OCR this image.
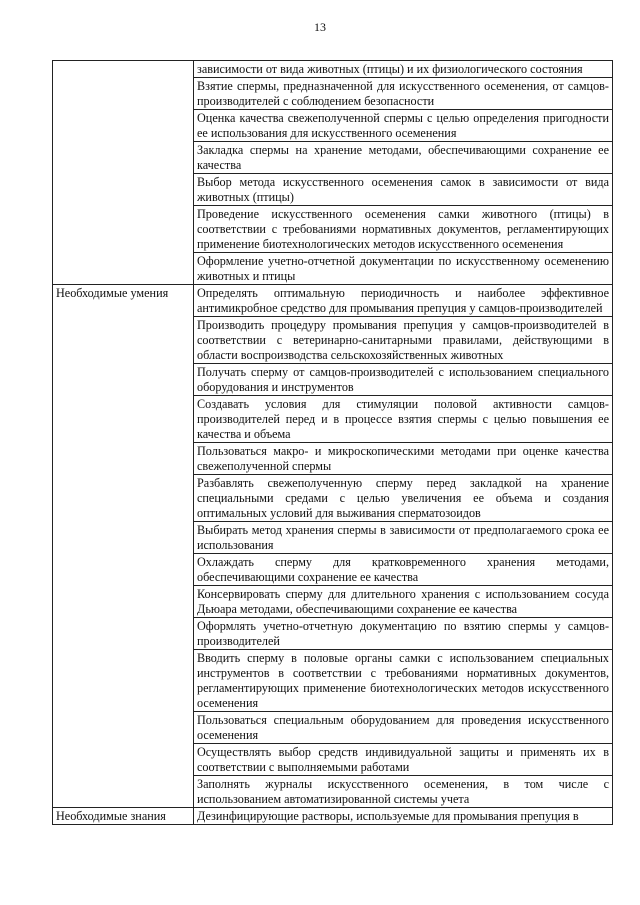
13
	зависимости от вида животных (птицы) и их физиологического состояния
	Взятие спермы, предназначенной для искусственного осеменения, от самцов-производителей с соблюдением безопасности
	Оценка качества свежеполученной спермы с целью определения пригодности ее использования для искусственного осеменения
	Закладка спермы на хранение методами, обеспечивающими сохранение ее качества
	Выбор метода искусственного осеменения самок в зависимости от вида животных (птицы)
	Проведение искусственного осеменения самки животного (птицы) в соответствии с требованиями нормативных документов, регламентирующих применение биотехнологических методов искусственного осеменения
	Оформление учетно-отчетной документации по искусственному осеменению животных и птицы
Необходимые умения	Определять оптимальную периодичность и наиболее эффективное антимикробное средство для промывания препуция у самцов-производителей
	Производить процедуру промывания препуция у самцов-производителей в соответствии с ветеринарно-санитарными правилами, действующими в области воспроизводства сельскохозяйственных животных
	Получать сперму от самцов-производителей с использованием специального оборудования и инструментов
	Создавать условия для стимуляции половой активности самцов-производителей перед и в процессе взятия спермы с целью повышения ее качества и объема
	Пользоваться макро- и микроскопическими методами при оценке качества свежеполученной спермы
	Разбавлять свежеполученную сперму перед закладкой на хранение специальными средами с целью увеличения ее объема и создания оптимальных условий для выживания сперматозоидов
	Выбирать метод хранения спермы в зависимости от предполагаемого срока ее использования
	Охлаждать сперму для кратковременного хранения методами, обеспечивающими сохранение ее качества
	Консервировать сперму для длительного хранения с использованием сосуда Дьюара методами, обеспечивающими сохранение ее качества
	Оформлять учетно-отчетную документацию по взятию спермы у самцов-производителей
	Вводить сперму в половые органы самки с использованием специальных инструментов в соответствии с требованиями нормативных документов, регламентирующих применение биотехнологических методов искусственного осеменения
	Пользоваться специальным оборудованием для проведения искусственного осеменения
	Осуществлять выбор средств индивидуальной защиты и применять их в соответствии с выполняемыми работами
	Заполнять журналы искусственного осеменения, в том числе с использованием автоматизированной системы учета
Необходимые знания	Дезинфицирующие растворы, используемые для промывания препуция в
